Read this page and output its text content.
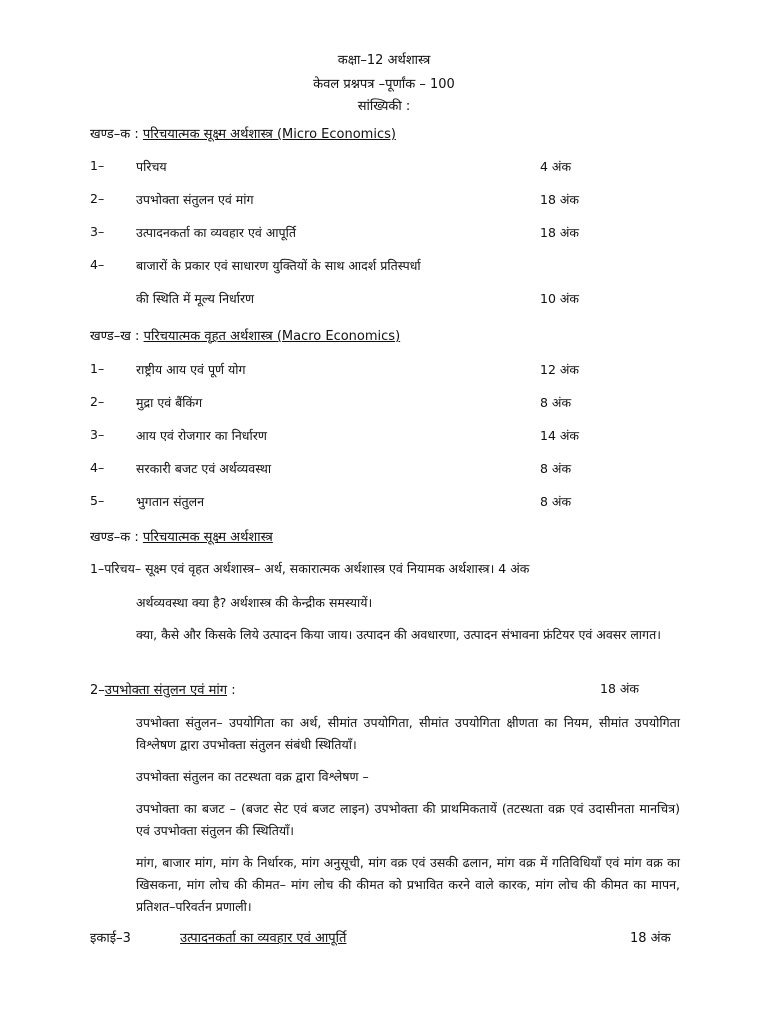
कक्षा–12 अर्थशास्त्र
केवल प्रश्नपत्र –पूर्णांक – 100
सांख्यिकी :
खण्ड–क : परिचयात्मक सूक्ष्म अर्थशास्त्र (Micro Economics)
1–	परिचय	4 अंक
2–	उपभोक्ता संतुलन एवं मांग	18 अंक
3–	उत्पादनकर्ता का व्यवहार एवं आपूर्ति	18 अंक
4–	बाजारों के प्रकार एवं साधारण युक्तियों के साथ आदर्श प्रतिस्पर्धा
की स्थिति में मूल्य निर्धारण	10 अंक
खण्ड–ख : परिचयात्मक वृहत अर्थशास्त्र (Macro Economics)
1–	राष्ट्रीय आय एवं पूर्ण योग	12 अंक
2–	मुद्रा एवं बैंकिंग	8 अंक
3–	आय एवं रोजगार का निर्धारण	14 अंक
4–	सरकारी बजट एवं अर्थव्यवस्था	8 अंक
5–	भुगतान संतुलन	8 अंक
खण्ड–क : परिचयात्मक सूक्ष्म अर्थशास्त्र
1–परिचय– सूक्ष्म एवं वृहत अर्थशास्त्र– अर्थ, सकारात्मक अर्थशास्त्र एवं नियामक अर्थशास्त्र। 4 अंक
अर्थव्यवस्था क्या है? अर्थशास्त्र की केन्द्रीक समस्यायें।
क्या, कैसे और किसके लिये उत्पादन किया जाय। उत्पादन की अवधारणा, उत्पादन संभावना फ्रंटियर एवं अवसर लागत।
2–उपभोक्ता संतुलन एवं मांग :	18 अंक
उपभोक्ता संतुलन– उपयोगिता का अर्थ, सीमांत उपयोगिता, सीमांत उपयोगिता क्षीणता का नियम, सीमांत उपयोगिता विश्लेषण द्वारा उपभोक्ता संतुलन संबंधी स्थितियाँ।
उपभोक्ता संतुलन का तटस्थता वक्र द्वारा विश्लेषण –
उपभोक्ता का बजट – (बजट सेट एवं बजट लाइन) उपभोक्ता की प्राथमिकतायें (तटस्थता वक्र एवं उदासीनता मानचित्र) एवं उपभोक्ता संतुलन की स्थितियाँ।
मांग, बाजार मांग, मांग के निर्धारक, मांग अनुसूची, मांग वक्र एवं उसकी ढलान, मांग वक्र में गतिविधियाँ एवं मांग वक्र का खिसकना, मांग लोच की कीमत– मांग लोच की कीमत को प्रभावित करने वाले कारक, मांग लोच की कीमत का मापन, प्रतिशत–परिवर्तन प्रणाली।
इकाई–3	उत्पादनकर्ता का व्यवहार एवं आपूर्ति	18 अंक
